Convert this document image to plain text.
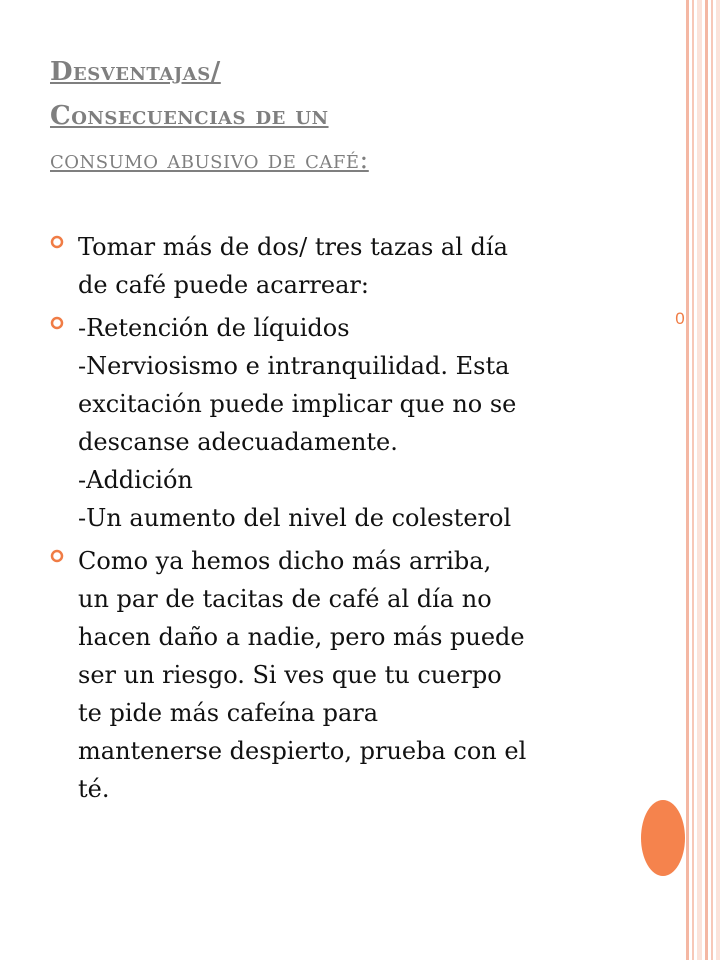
0
Desventajas/
Consecuencias de un
consumo abusivo de café:
Tomar más de dos/ tres tazas al día
de café puede acarrear:
-Retención de líquidos
-Nerviosismo e intranquilidad. Esta
excitación puede implicar que no se
descanse adecuadamente.
-Addición
-Un aumento del nivel de colesterol
Como ya hemos dicho más arriba,
un par de tacitas de café al día no
hacen daño a nadie, pero más puede
ser un riesgo. Si ves que tu cuerpo
te pide más cafeína para
mantenerse despierto, prueba con el
té.
